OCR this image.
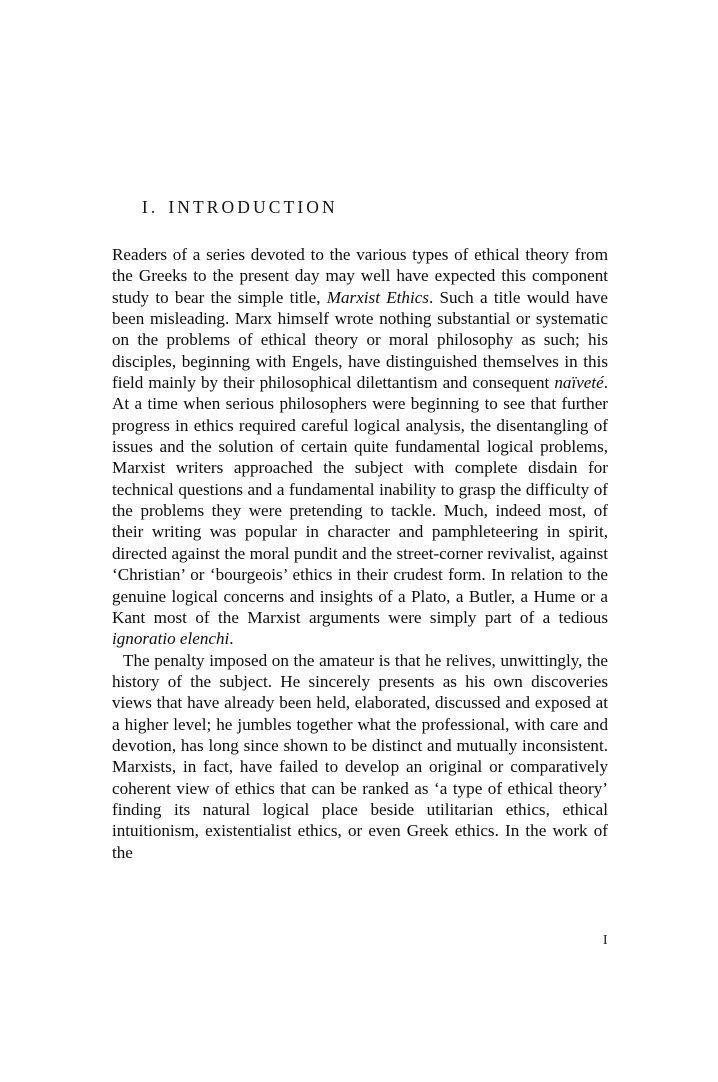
I. INTRODUCTION

Readers of a series devoted to the various types of ethical theory from the Greeks to the present day may well have expected this component study to bear the simple title, Marxist Ethics. Such a title would have been misleading. Marx himself wrote nothing substantial or systematic on the problems of ethical theory or moral philosophy as such; his disciples, beginning with Engels, have distinguished themselves in this field mainly by their philosophical dilettantism and consequent naïveté. At a time when serious philosophers were beginning to see that further progress in ethics required careful logical analysis, the disentangling of issues and the solution of certain quite fundamental logical problems, Marxist writers approached the subject with complete disdain for technical questions and a fundamental inability to grasp the difficulty of the problems they were pretending to tackle. Much, indeed most, of their writing was popular in character and pamphleteering in spirit, directed against the moral pundit and the street-corner revivalist, against ‘Christian’ or ‘bourgeois’ ethics in their crudest form. In relation to the genuine logical concerns and insights of a Plato, a Butler, a Hume or a Kant most of the Marxist arguments were simply part of a tedious ignoratio elenchi.

The penalty imposed on the amateur is that he relives, unwittingly, the history of the subject. He sincerely presents as his own discoveries views that have already been held, elaborated, discussed and exposed at a higher level; he jumbles together what the professional, with care and devotion, has long since shown to be distinct and mutually inconsistent. Marxists, in fact, have failed to develop an original or comparatively coherent view of ethics that can be ranked as ‘a type of ethical theory’ finding its natural logical place beside utilitarian ethics, ethical intuitionism, existentialist ethics, or even Greek ethics. In the work of the

I
